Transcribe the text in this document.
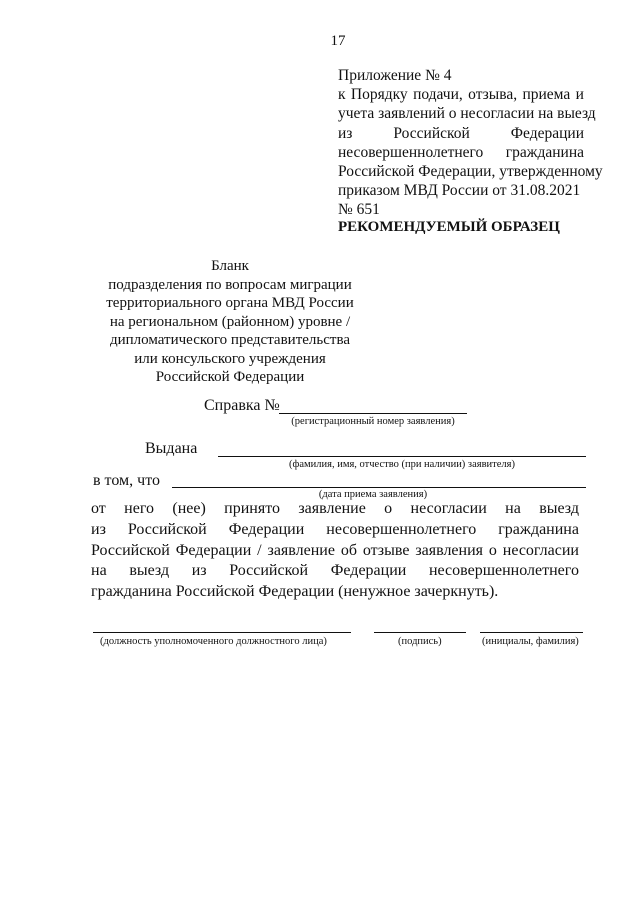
17
Приложение № 4
к Порядку подачи, отзыва, приема и
учета заявлений о несогласии на выезд
из	Российской	Федерации
несовершеннолетнего гражданина
Российской Федерации, утвержденному
приказом МВД России от 31.08.2021
№ 651
РЕКОМЕНДУЕМЫЙ ОБРАЗЕЦ
Бланк
подразделения по вопросам миграции
территориального органа МВД России
на региональном (районном) уровне /
дипломатического представительства
или консульского учреждения
Российской Федерации
Справка №
(регистрационный номер заявления)
Выдана
(фамилия, имя, отчество (при наличии) заявителя)
в том, что
(дата приема заявления)
от него (нее) принято заявление о несогласии на выезд
из Российской Федерации несовершеннолетнего гражданина
Российской Федерации / заявление об отзыве заявления о несогласии
на выезд из Российской Федерации несовершеннолетнего
гражданина Российской Федерации (ненужное зачеркнуть).
(должность уполномоченного должностного лица)	(подпись)	(инициалы, фамилия)
